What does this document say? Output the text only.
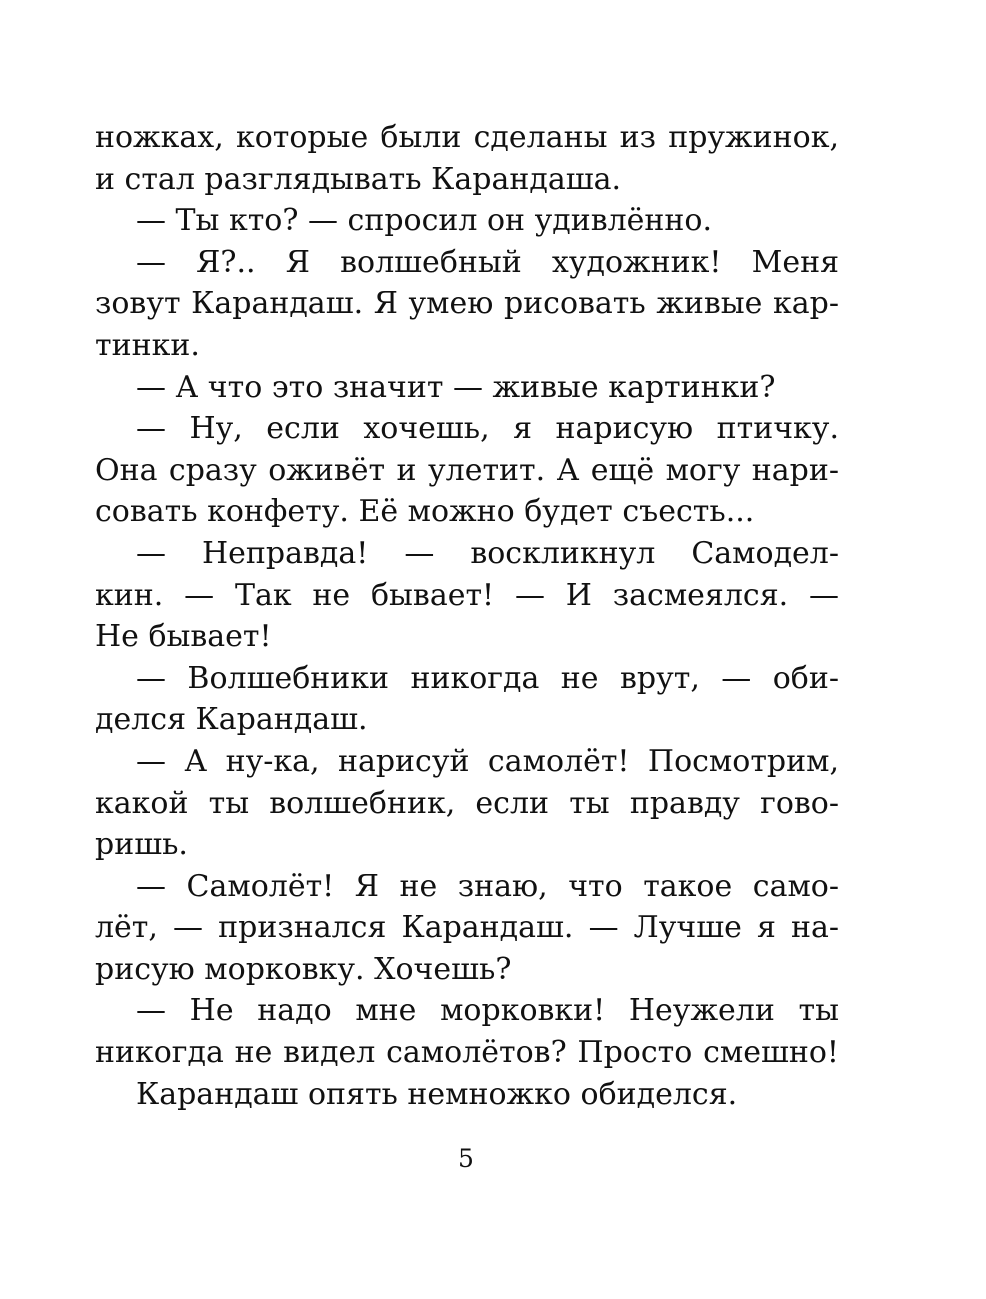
ножках, которые были сделаны из пружинок,
и стал разглядывать Карандаша.
— Ты кто? — спросил он удивлённо.
— Я?.. Я волшебный художник! Меня
зовут Карандаш. Я умею рисовать живые кар-
тинки.
— А что это значит — живые картинки?
— Ну, если хочешь, я нарисую птичку.
Она сразу оживёт и улетит. А ещё могу нари-
совать конфету. Её можно будет съесть...
— Неправда! — воскликнул Самодел-
кин. — Так не бывает! — И засмеялся. —
Не бывает!
— Волшебники никогда не врут, — оби-
делся Карандаш.
— А ну-ка, нарисуй самолёт! Посмотрим,
какой ты волшебник, если ты правду гово-
ришь.
— Самолёт! Я не знаю, что такое само-
лёт, — признался Карандаш. — Лучше я на-
рисую морковку. Хочешь?
— Не надо мне морковки! Неужели ты
никогда не видел самолётов? Просто смешно!
Карандаш опять немножко обиделся.
5
